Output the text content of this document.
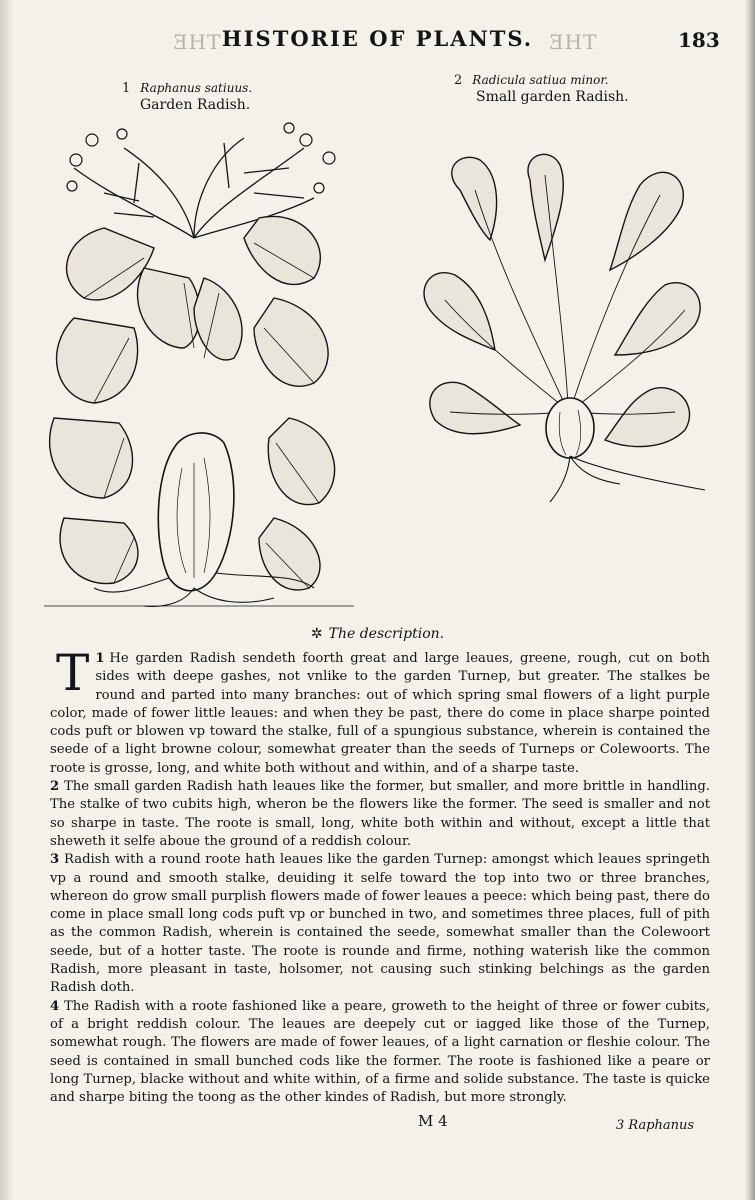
THE	THE
HISTORIE OF PLANTS.	183
1 Raphanus satiuus.
Garden Radish.
2 Radicula satiua minor.
Small garden Radish.
✲ The description.

1
T	He garden Radish sendeth foorth great and large leaues, greene, rough, cut on both sides with deepe gashes, not vnlike to the garden Turnep, but greater. The stalkes be round and parted into many branches: out of which spring smal flowers of a light purple color, made of fower little leaues: and when they be past, there do come in place sharpe pointed cods puft or blowen vp toward the stalke, full of a spungious substance, wherein is contained the seede of a light browne colour, somewhat greater than the seeds of Turneps or Colewoorts. The roote is grosse, long, and white both without and within, and of a sharpe taste.

2 The small garden Radish hath leaues like the former, but smaller, and more brittle in handling. The stalke of two cubits high, wheron be the flowers like the former. The seed is smaller and not so sharpe in taste. The roote is small, long, white both within and without, except a little that sheweth it selfe aboue the ground of a reddish colour.

3 Radish with a round roote hath leaues like the garden Turnep: amongst which leaues springeth vp a round and smooth stalke, deuiding it selfe toward the top into two or three branches, whereon do grow small purplish flowers made of fower leaues a peece: which being past, there do come in place small long cods puft vp or bunched in two, and sometimes three places, full of pith as the common Radish, wherein is contained the seede, somewhat smaller than the Colewoort seede, but of a hotter taste. The roote is rounde and firme, nothing waterish like the common Radish, more pleasant in taste, holsomer, not causing such stinking belchings as the garden Radish doth.

4 The Radish with a roote fashioned like a peare, groweth to the height of three or fower cubits, of a bright reddish colour. The leaues are deepely cut or iagged like those of the Turnep, somewhat rough. The flowers are made of fower leaues, of a light carnation or fleshie colour. The seed is contained in small bunched cods like the former. The roote is fashioned like a peare or long Turnep, blacke without and white within, of a firme and solide substance. The taste is quicke and sharpe biting the toong as the other kindes of Radish, but more strongly.

M 4	3 Raphanus
